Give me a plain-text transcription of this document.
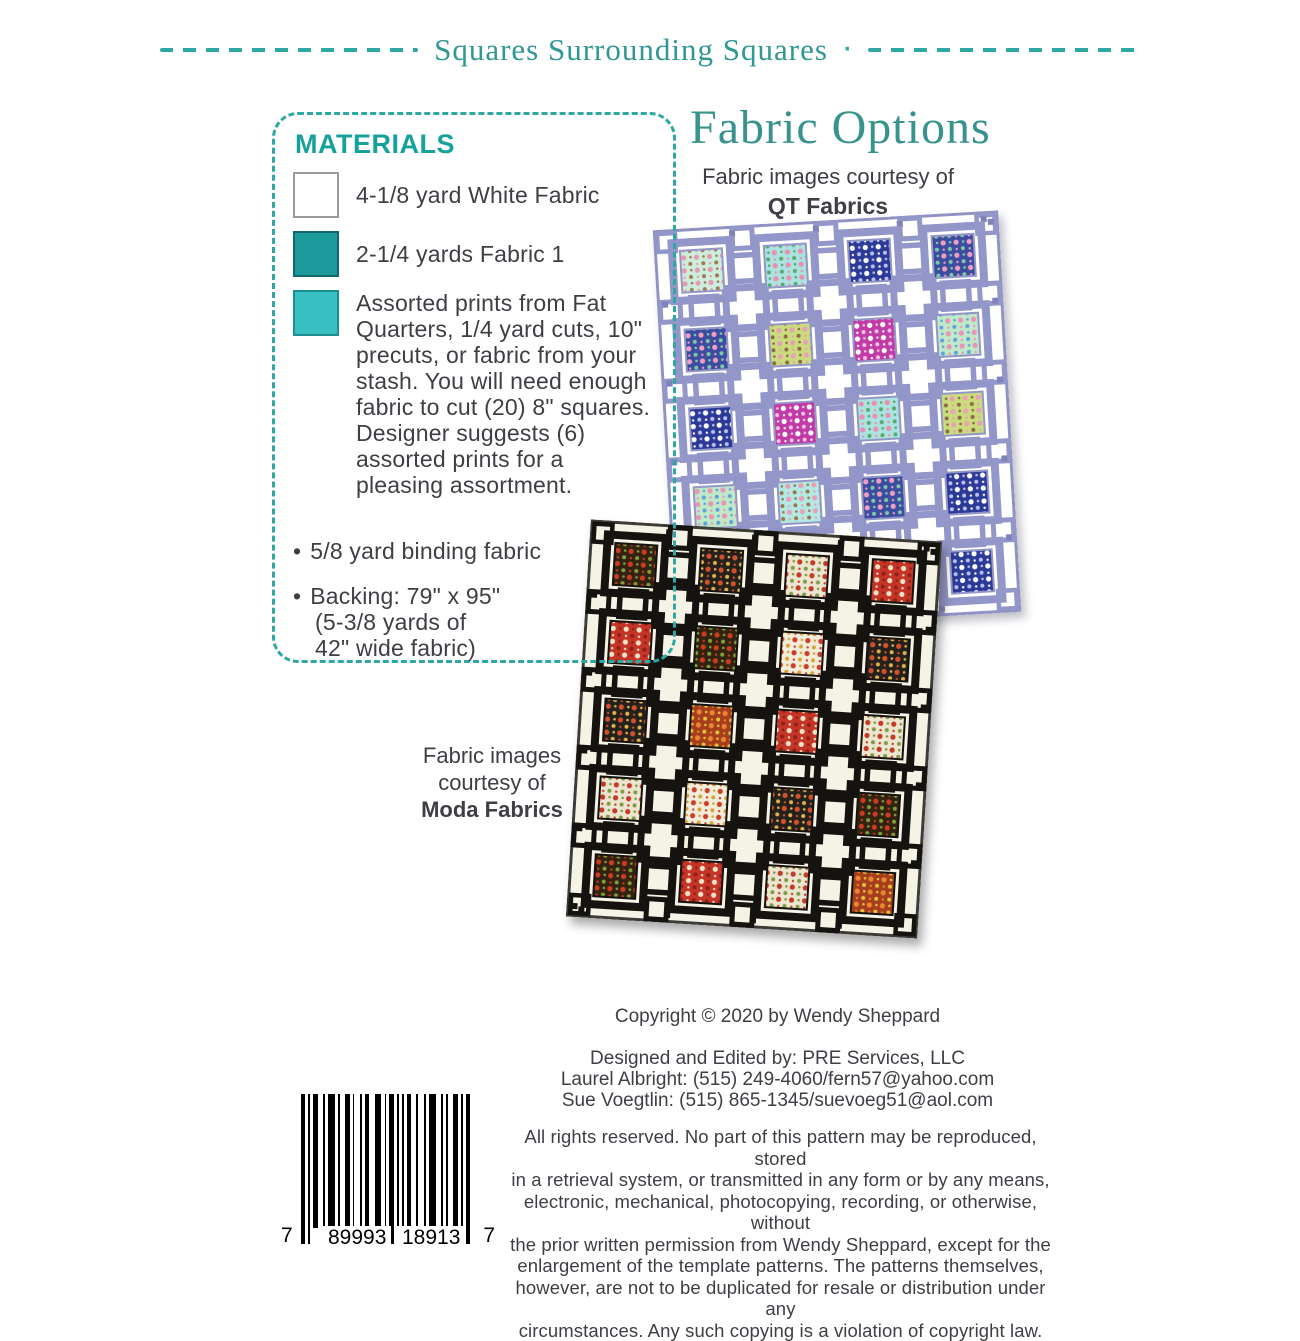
Squares Surrounding Squares ·
MATERIALS
4-1/8 yard White Fabric
2-1/4 yards Fabric 1
Assorted prints from Fat
Quarters, 1/4 yard cuts, 10"
precuts, or fabric from your
stash. You will need enough
fabric to cut (20) 8" squares.
Designer suggests (6)
assorted prints for a
pleasing assortment.
• 5/8 yard binding fabric
• Backing: 79" x 95"
(5-3/8 yards of
42" wide fabric)
Fabric Options
Fabric images courtesy of
QT Fabrics
Fabric images
courtesy of
Moda Fabrics
Copyright © 2020 by Wendy Sheppard
Designed and Edited by: PRE Services, LLC
Laurel Albright: (515) 249-4060/fern57@yahoo.com
Sue Voegtlin: (515) 865-1345/suevoeg51@aol.com
All rights reserved. No part of this pattern may be reproduced, stored
in a retrieval system, or transmitted in any form or by any means,
electronic, mechanical, photocopying, recording, or otherwise, without
the prior written permission from Wendy Sheppard, except for the
enlargement of the template patterns. The patterns themselves,
however, are not to be duplicated for resale or distribution under any
circumstances. Any such copying is a violation of copyright law.
7 89993 18913 7
